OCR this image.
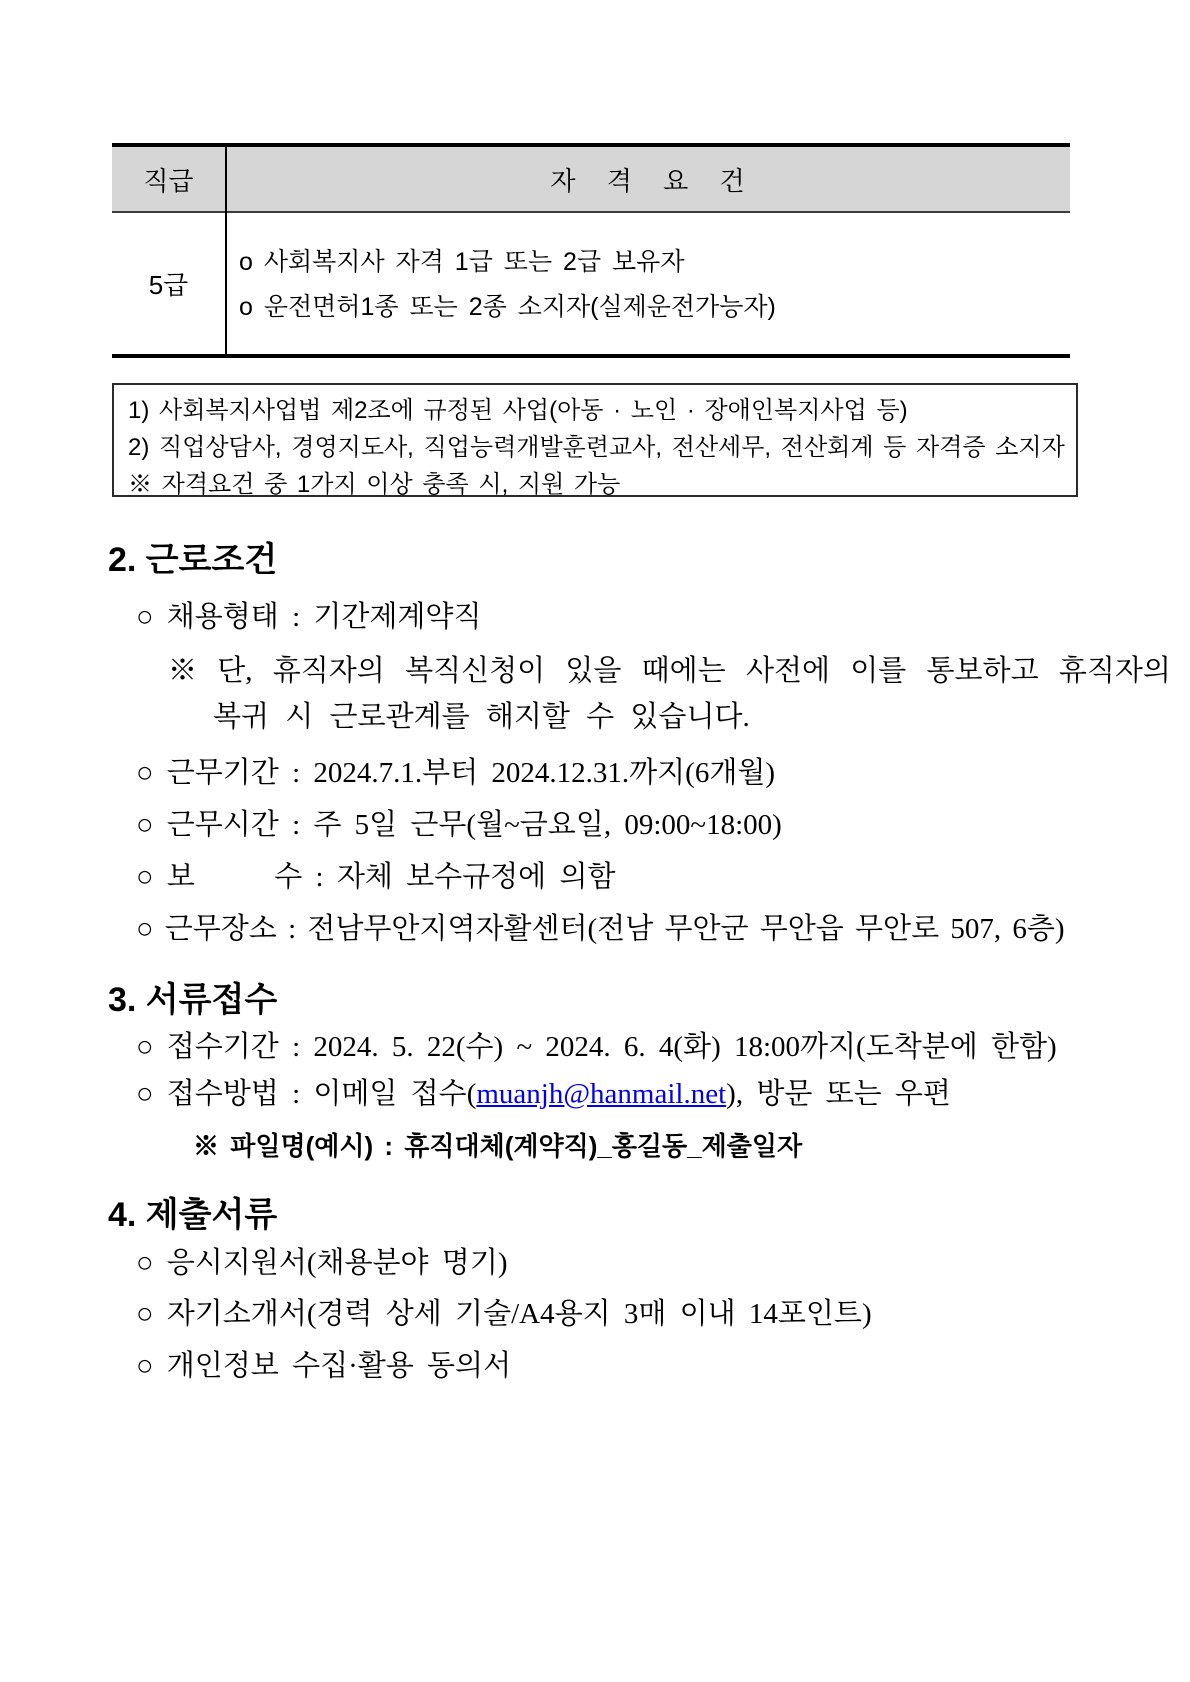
직급	자 격 요 건
5급
o 사회복지사 자격 1급 또는 2급 보유자
o 운전면허1종 또는 2종 소지자(실제운전가능자)
1) 사회복지사업법 제2조에 규정된 사업(아동 · 노인 · 장애인복지사업 등)
2) 직업상담사, 경영지도사, 직업능력개발훈련교사, 전산세무, 전산회계 등 자격증 소지자
※ 자격요건 중 1가지 이상 충족 시, 지원 가능
2. 근로조건
○ 채용형태 : 기간제계약직
※ 단, 휴직자의 복직신청이 있을 때에는 사전에 이를 통보하고 휴직자의
복귀 시 근로관계를 해지할 수 있습니다.
○ 근무기간 : 2024.7.1.부터 2024.12.31.까지(6개월)
○ 근무시간 : 주 5일 근무(월~금요일, 09:00~18:00)
○ 보      수 : 자체 보수규정에 의함
○ 근무장소 : 전남무안지역자활센터(전남 무안군 무안읍 무안로 507, 6층)
3. 서류접수
○ 접수기간 : 2024. 5. 22(수) ~ 2024. 6. 4(화) 18:00까지(도착분에 한함)
○ 접수방법 : 이메일 접수(muanjh@hanmail.net), 방문 또는 우편
※ 파일명(예시) : 휴직대체(계약직)_홍길동_제출일자
4. 제출서류
○ 응시지원서(채용분야 명기)
○ 자기소개서(경력 상세 기술/A4용지 3매 이내 14포인트)
○ 개인정보 수집·활용 동의서
